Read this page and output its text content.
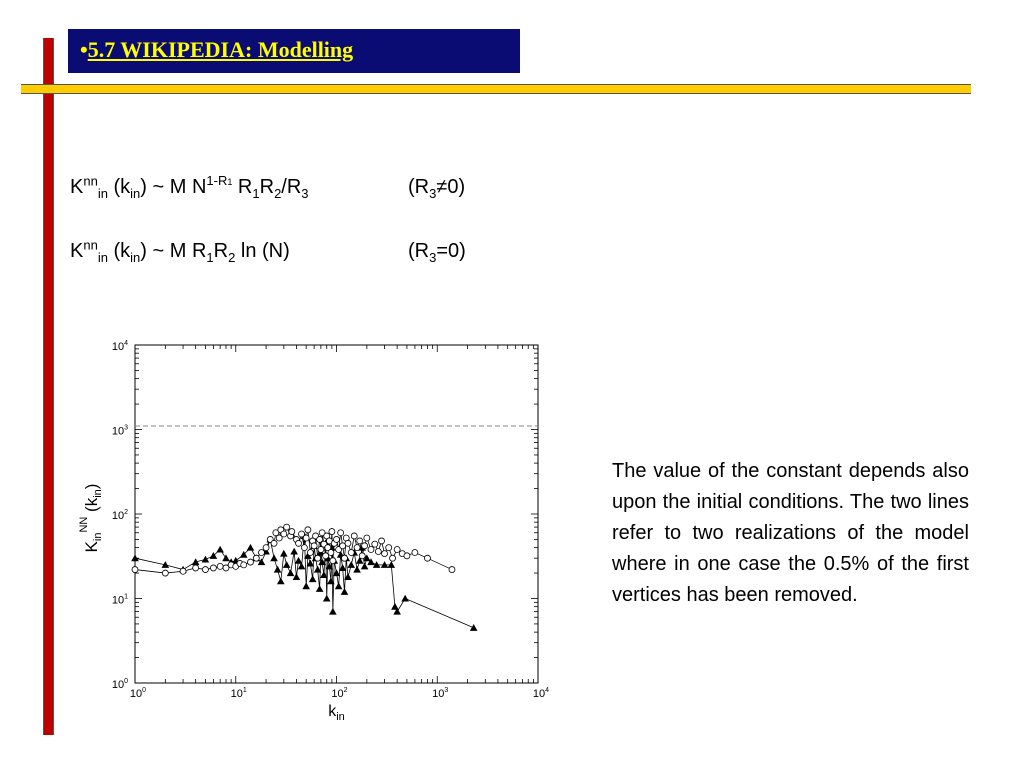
•5.7 WIKIPEDIA: Modelling
$K^{nn}_{in}$ $(k_{in})$ ~ M $N^{1-R1}$ $R_1R_2/R_3$	$(R_3\ne 0)$
$K^{nn}_{in}$ $(k_{in})$ ~ M $R_1R_2$ ln (N)	$(R_3=0)$
$10^0$	$10^1$	$10^2$	$10^3$	$10^4$
$10^0$
$10^1$
$10^2$
$10^3$
$10^4$
$k_{in}$
$K_{in}^{NN}$ $(k_{in})$
The value of the constant depends also upon the initial conditions. The two lines refer to two realizations of the model where in one case the 0.5% of the first vertices has been removed.
